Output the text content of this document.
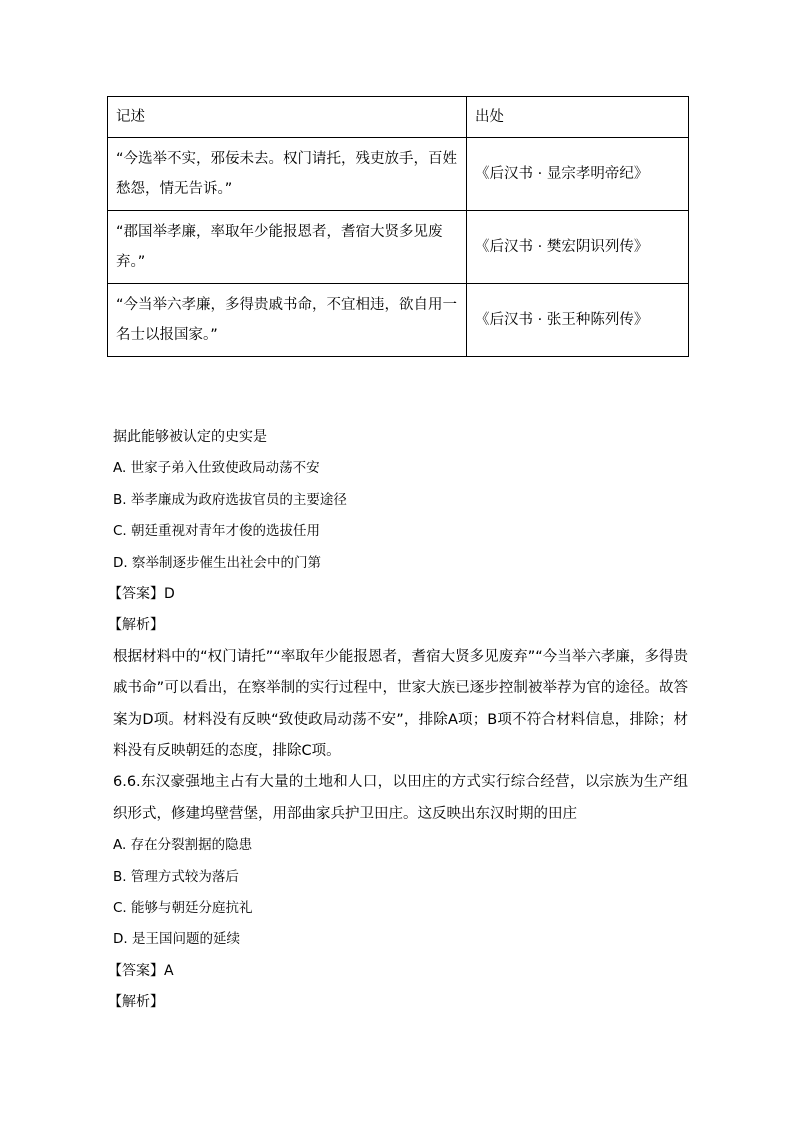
记述	出处
“今选举不实，邪佞未去。权门请托，残吏放手，百姓愁怨，情无告诉。”	《后汉书 · 显宗孝明帝纪》
“郡国举孝廉，率取年少能报恩者，耆宿大贤多见废弃。”	《后汉书 · 樊宏阴识列传》
“今当举六孝廉，多得贵戚书命，不宜相违，欲自用一名士以报国家。”	《后汉书 · 张王种陈列传》
据此能够被认定的史实是
A. 世家子弟入仕致使政局动荡不安
B. 举孝廉成为政府选拔官员的主要途径
C. 朝廷重视对青年才俊的选拔任用
D. 察举制逐步催生出社会中的门第
【答案】D
【解析】
根据材料中的“权门请托”“率取年少能报恩者，耆宿大贤多见废弃”“今当举六孝廉，多得贵戚书命”可以看出，在察举制的实行过程中，世家大族已逐步控制被举荐为官的途径。故答案为D项。材料没有反映“致使政局动荡不安”，排除A项；B项不符合材料信息，排除；材料没有反映朝廷的态度，排除C项。
6.6.东汉豪强地主占有大量的土地和人口，以田庄的方式实行综合经营，以宗族为生产组织形式，修建坞壁营堡，用部曲家兵护卫田庄。这反映出东汉时期的田庄
A. 存在分裂割据的隐患
B. 管理方式较为落后
C. 能够与朝廷分庭抗礼
D. 是王国问题的延续
【答案】A
【解析】
